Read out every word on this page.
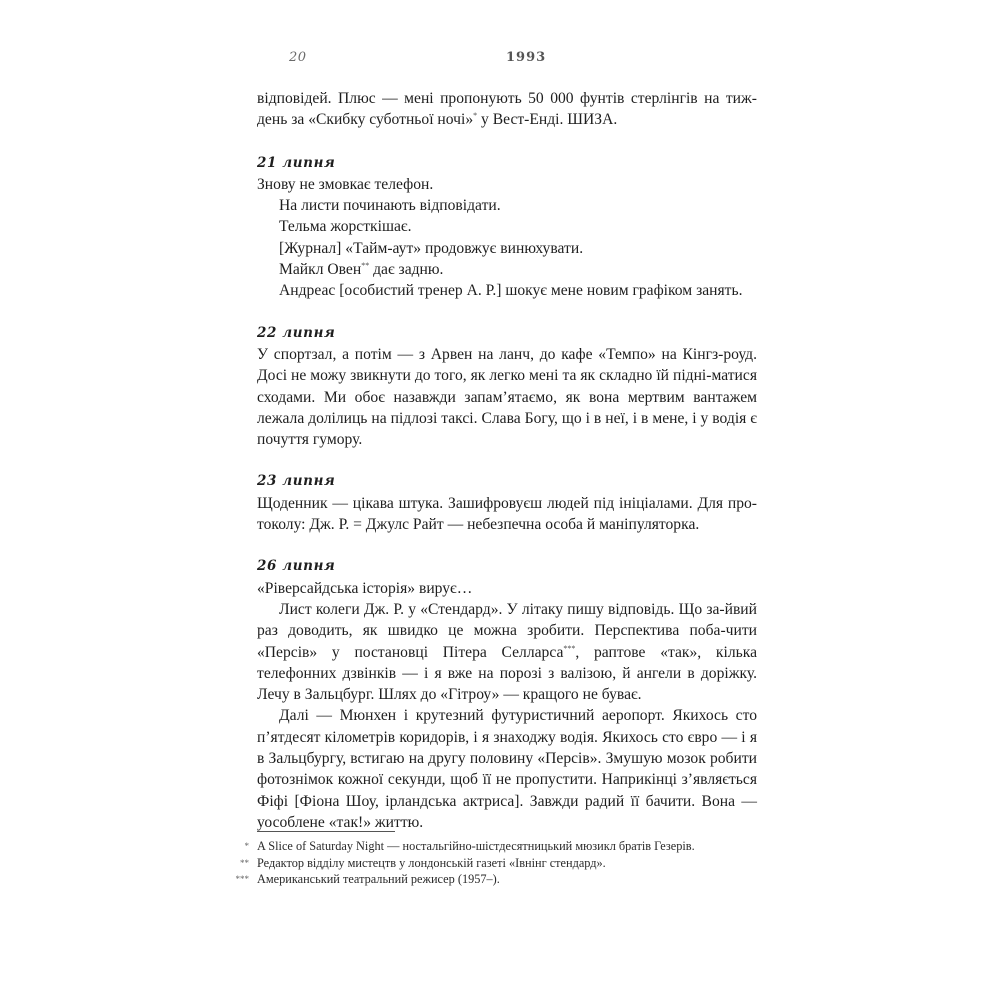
20	1993

відповідей. Плюс — мені пропонують 50 000 фунтів стерлінгів на тиж-день за «Скибку суботньої ночі»* у Вест-Енді. ШИЗА.

21 липня

Знову не змовкає телефон.

На листи починають відповідати.

Тельма жорсткішає.

[Журнал] «Тайм-аут» продовжує винюхувати.

Майкл Овен** дає задню.

Андреас [особистий тренер А. Р.] шокує мене новим графіком занять.

22 липня

У спортзал, а потім — з Арвен на ланч, до кафе «Темпо» на Кінгз-роуд. Досі не можу звикнути до того, як легко мені та як складно їй підні-матися сходами. Ми обоє назавжди запам’ятаємо, як вона мертвим вантажем лежала долілиць на підлозі таксі. Слава Богу, що і в неї, і в мене, і у водія є почуття гумору.

23 липня

Щоденник — цікава штука. Зашифровуєш людей під ініціалами. Для про-токолу: Дж. Р. = Джулс Райт — небезпечна особа й маніпуляторка.

26 липня

«Ріверсайдська історія» вирує…

Лист колеги Дж. Р. у «Стендард». У літаку пишу відповідь. Що за-йвий раз доводить, як швидко це можна зробити. Перспектива поба-чити «Персів» у постановці Пітера Селларса***, раптове «так», кілька телефонних дзвінків — і я вже на порозі з валізою, й ангели в доріжку. Лечу в Зальцбург. Шлях до «Гітроу» — кращого не буває.

Далі — Мюнхен і крутезний футуристичний аеропорт. Якихось сто п’ятдесят кілометрів коридорів, і я знаходжу водія. Якихось сто євро — і я в Зальцбургу, встигаю на другу половину «Персів». Змушую мозок робити фотознімок кожної секунди, щоб її не пропустити. Наприкінці з’являється Фіфі [Фіона Шоу, ірландська актриса]. Завжди радий її бачити. Вона — уособлене «так!» життю.

* A Slice of Saturday Night — ностальгійно-шістдесятницький мюзикл братів Гезерів.
** Редактор відділу мистецтв у лондонській газеті «Івнінг стендард».
*** Американський театральний режисер (1957–).
